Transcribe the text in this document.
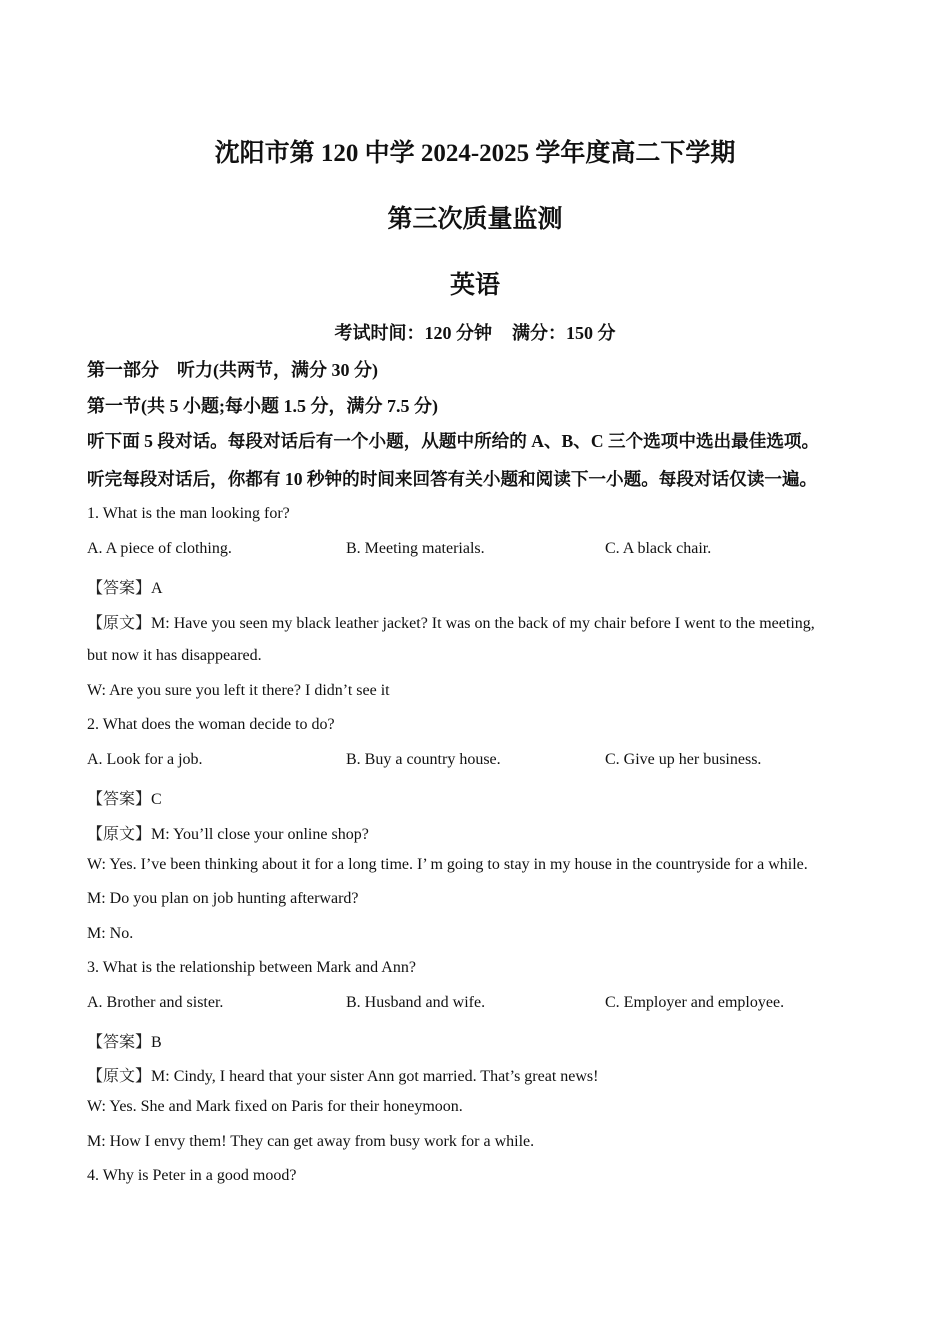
沈阳市第 120 中学 2024-2025 学年度高二下学期
第三次质量监测
英语
考试时间：120 分钟 满分：150 分

第一部分　听力(共两节，满分 30 分)

第一节(共 5 小题;每小题 1.5 分，满分 7.5 分)

听下面 5 段对话。每段对话后有一个小题，从题中所给的 A、B、C 三个选项中选出最佳选项。

听完每段对话后，你都有 10 秒钟的时间来回答有关小题和阅读下一小题。每段对话仅读一遍。

1. What is the man looking for?

A. A piece of clothing.	B. Meeting materials.	C. A black chair.

【答案】A

【原文】M: Have you seen my black leather jacket? It was on the back of my chair before I went to the meeting,

but now it has disappeared.

W: Are you sure you left it there? I didn’t see it

2. What does the woman decide to do?

A. Look for a job.	B. Buy a country house.	C. Give up her business.

【答案】C

【原文】M: You’ll close your online shop?

W: Yes. I’ve been thinking about it for a long time. I’ m going to stay in my house in the countryside for a while.

M: Do you plan on job hunting afterward?

M: No.

3. What is the relationship between Mark and Ann?

A. Brother and sister.	B. Husband and wife.	C. Employer and employee.

【答案】B

【原文】M: Cindy, I heard that your sister Ann got married. That’s great news!

W: Yes. She and Mark fixed on Paris for their honeymoon.

M: How I envy them! They can get away from busy work for a while.

4. Why is Peter in a good mood?
